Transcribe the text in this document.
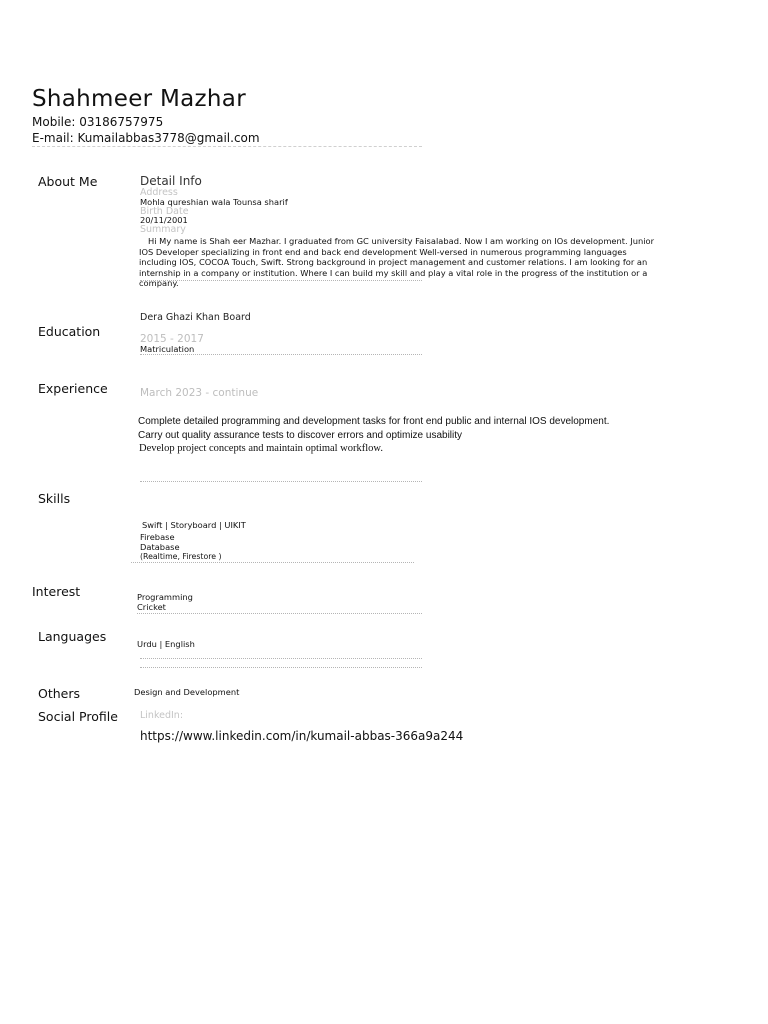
Shahmeer Mazhar
Mobile: 03186757975
E-mail: Kumailabbas3778@gmail.com
About Me	Detail Info
Address
Mohla qureshian wala Tounsa sharif
Birth Date
20/11/2001
Summary
Hi My name is Shah eer Mazhar. I graduated from GC university Faisalabad. Now I am working on IOs development. Junior IOS Developer specializing in front end and back end development Well-versed in numerous programming languages including IOS, COCOA Touch, Swift. Strong background in project management and customer relations. I am looking for an internship in a company or institution. Where I can build my skill and play a vital role in the progress of the institution or a company.
Dera Ghazi Khan Board
Education	2015 - 2017
Matriculation
Experience	March 2023 - continue
Complete detailed programming and development tasks for front end public and internal IOS development.
Carry out quality assurance tests to discover errors and optimize usability
Develop project concepts and maintain optimal workflow.
Skills
Swift | Storyboard | UIKIT
Firebase
Database
(Realtime, Firestore )
Interest	Programming
Cricket
Languages	Urdu | English
Others	Design and Development
Social Profile LinkedIn:
https://www.linkedin.com/in/kumail-abbas-366a9a244
